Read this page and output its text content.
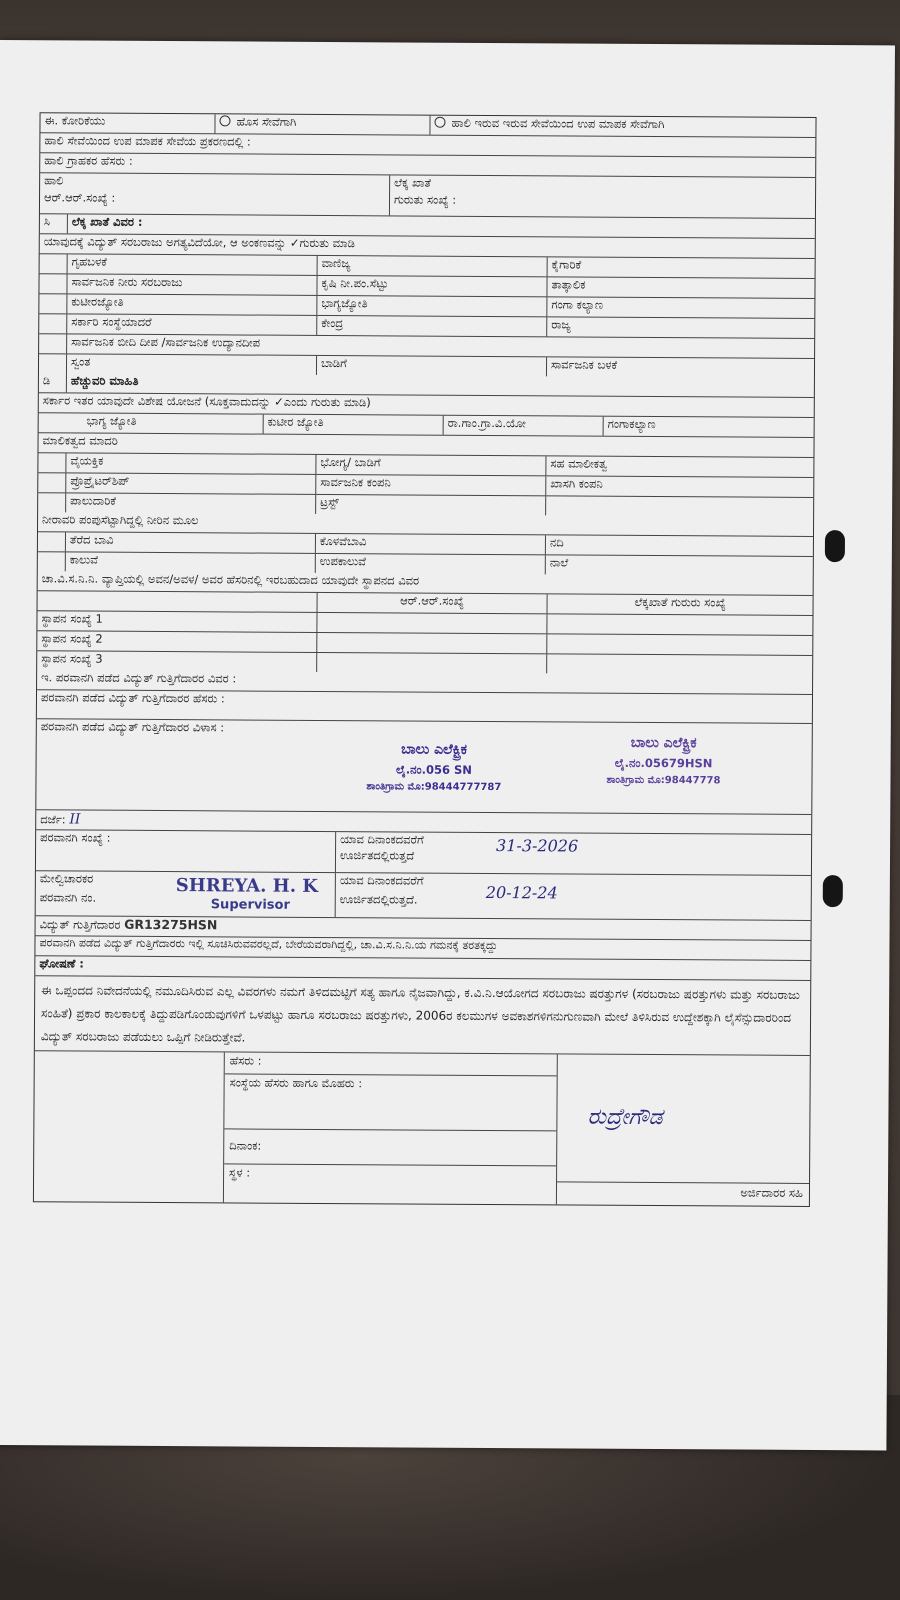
ಈ. ಕೋರಿಕೆಯು	ಹೊಸ ಸೇವೆಗಾಗಿ	ಹಾಲಿ ಇರುವ ಇರುವ ಸೇವೆಯಿಂದ ಉಪ ಮಾಪಕ ಸೇವೆಗಾಗಿ
ಹಾಲಿ ಸೇವೆಯಿಂದ ಉಪ ಮಾಪಕ ಸೇವೆಯ ಪ್ರಕರಣದಲ್ಲಿ :
ಹಾಲಿ ಗ್ರಾಹಕರ ಹೆಸರು :
ಹಾಲಿ
ಆರ್.ಆರ್.ಸಂಖ್ಯೆ :
ಲೆಕ್ಕ ಖಾತೆ
ಗುರುತು ಸಂಖ್ಯೆ :
ಸಿ	ಲೆಕ್ಕ ಖಾತೆ ವಿವರ :
ಯಾವುದಕ್ಕೆ ವಿದ್ಯುತ್ ಸರಬರಾಜು ಅಗತ್ಯವಿದೆಯೋ, ಆ ಅಂಕಣವನ್ನು ✓ಗುರುತು ಮಾಡಿ
ಗೃಹಬಳಕೆ	ವಾಣಿಜ್ಯ	ಕೈಗಾರಿಕೆ
ಸಾರ್ವಜನಿಕ ನೀರು ಸರಬರಾಜು	ಕೃಷಿ ನೀ.ಪಂ.ಸೆಟ್ಟು	ತಾತ್ಕಾಲಿಕ
ಕುಟೀರಜ್ಯೋತಿ	ಭಾಗ್ಯಜ್ಯೋತಿ	ಗಂಗಾ ಕಲ್ಯಾಣ
ಸರ್ಕಾರಿ ಸಂಸ್ಥೆಯಾದರೆ	ಕೇಂದ್ರ	ರಾಜ್ಯ
ಸಾರ್ವಜನಿಕ ಬೀದಿ ದೀಪ /ಸಾರ್ವಜನಿಕ ಉದ್ಯಾನದೀಪ
ಸ್ವಂತ	ಬಾಡಿಗೆ	ಸಾರ್ವಜನಿಕ ಬಳಕೆ
ಡಿ	ಹೆಚ್ಚುವರಿ ಮಾಹಿತಿ
ಸರ್ಕಾರ ಇತರ ಯಾವುದೇ ವಿಶೇಷ ಯೋಜನೆ (ಸೂಕ್ತವಾದುದನ್ನು ✓ಎಂದು ಗುರುತು ಮಾಡಿ)
ಭಾಗ್ಯ ಜ್ಯೋತಿ	ಕುಟೀರ ಜ್ಯೋತಿ	ರಾ.ಗಾಂ.ಗ್ರಾ.ವಿ.ಯೋ	ಗಂಗಾಕಲ್ಯಾಣ
ಮಾಲಿಕತ್ವದ ಮಾದರಿ
ವೈಯಕ್ತಿಕ	ಭೋಗ್ಯ/ ಬಾಡಿಗೆ	ಸಹ ಮಾಲೀಕತ್ವ
ಪ್ರೊಪ್ರೈಟರ್‌ಶಿಪ್	ಸಾರ್ವಜನಿಕ ಕಂಪನಿ	ಖಾಸಗಿ ಕಂಪನಿ
ಪಾಲುದಾರಿಕೆ	ಟ್ರಸ್ಟ್
ನೀರಾವರಿ ಪಂಪುಸೆಟ್ಟಾಗಿದ್ದಲ್ಲಿ ನೀರಿನ ಮೂಲ
ತೆರೆದ ಬಾವಿ	ಕೊಳವೆಬಾವಿ	ನದಿ
ಕಾಲುವೆ	ಉಪಕಾಲುವೆ	ನಾಲೆ
ಚಾ.ವಿ.ಸ.ನಿ.ನಿ. ವ್ಯಾಪ್ತಿಯಲ್ಲಿ ಅವನ/ಅವಳ/ ಅವರ ಹೆಸರಿನಲ್ಲಿ ಇರಬಹುದಾದ ಯಾವುದೇ ಸ್ಥಾಪನದ ವಿವರ
ಆರ್.ಆರ್.ಸಂಖ್ಯೆ	ಲೆಕ್ಕಖಾತೆ ಗುರುರು ಸಂಖ್ಯೆ
ಸ್ಥಾಪನ ಸಂಖ್ಯೆ 1
ಸ್ಥಾಪನ ಸಂಖ್ಯೆ 2
ಸ್ಥಾಪನ ಸಂಖ್ಯೆ 3
ಇ. ಪರವಾನಗಿ ಪಡೆದ ವಿದ್ಯುತ್ ಗುತ್ತಿಗೆದಾರರ ವಿವರ :
ಪರವಾನಗಿ ಪಡೆದ ವಿದ್ಯುತ್ ಗುತ್ತಿಗೆದಾರರ ಹೆಸರು :
ಪರವಾನಗಿ ಪಡೆದ ವಿದ್ಯುತ್ ಗುತ್ತಿಗೆದಾರರ ವಿಳಾಸ :
ಬಾಲು ಎಲೆಕ್ಟ್ರಿಕ
ಲೈ.ನಂ.056 SN
ಶಾಂತಿಗ್ರಾಮ ಮೊ:98444777787
ಬಾಲು ಎಲೆಕ್ಟ್ರಿಕ
ಲೈ.ನಂ.05679HSN
ಶಾಂತಿಗ್ರಾಮ ಮೊ:98447778
ದರ್ಜೆ: II
ಪರವಾನಗಿ ಸಂಖ್ಯೆ :	ಯಾವ ದಿನಾಂಕದವರೆಗೆ
ಊರ್ಜಿತದಲ್ಲಿರುತ್ತದೆ	31-3-2026
ಮೇಲ್ವಿಚಾರಕರ
ಪರವಾನಗಿ ನಂ.
SHREYA. H. K
Supervisor
ಯಾವ ದಿನಾಂಕದವರೆಗೆ
ಊರ್ಜಿತದಲ್ಲಿರುತ್ತದೆ.	20-12-24
ವಿದ್ಯುತ್ ಗುತ್ತಿಗೆದಾರರ GR13275HSN
ಪರವಾನಗಿ ಪಡೆದ ವಿದ್ಯುತ್ ಗುತ್ತಿಗೆದಾರರು ಇಲ್ಲಿ ಸೂಚಿಸಿರುವವರಲ್ಲದೆ, ಬೇರೆಯವರಾಗಿದ್ದಲ್ಲಿ, ಚಾ.ವಿ.ಸ.ನಿ.ನಿ.ಯ ಗಮನಕ್ಕೆ ತರತಕ್ಕದ್ದು
ಘೋಷಣೆ :
ಈ ಒಪ್ಪಂದದ ನಿವೇದನೆಯಲ್ಲಿ ನಮೂದಿಸಿರುವ ಎಲ್ಲ ವಿವರಗಳು ನಮಗೆ ತಿಳಿದಮಟ್ಟಿಗೆ ಸತ್ಯ ಹಾಗೂ ನೈಜವಾಗಿದ್ದು, ಕ.ವಿ.ನಿ.ಆಯೋಗದ ಸರಬರಾಜು ಷರತ್ತುಗಳ (ಸರಬರಾಜು ಷರತ್ತುಗಳು ಮತ್ತು ಸರಬರಾಜು ಸಂಹಿತೆ) ಪ್ರಕಾರ ಕಾಲಕಾಲಕ್ಕೆ ತಿದ್ದುಪಡಿಗೊಂಡುವುಗಳಿಗೆ ಒಳಪಟ್ಟು ಹಾಗೂ ಸರಬರಾಜು ಷರತ್ತುಗಳು, 2006ರ ಕಲಮುಗಳ ಅವಕಾಶಗಳಿಗನುಗುಣವಾಗಿ ಮೇಲೆ ತಿಳಿಸಿರುವ ಉದ್ದೇಶಕ್ಕಾಗಿ ಲೈಸೆನ್ಸುದಾರರಿಂದ ವಿದ್ಯುತ್ ಸರಬರಾಜು ಪಡೆಯಲು ಒಪ್ಪಿಗೆ ನೀಡಿರುತ್ತೇವೆ.
ಹೆಸರು :
ಸಂಸ್ಥೆಯ ಹೆಸರು ಹಾಗೂ ಮೊಹರು :
ದಿನಾಂಕ:
ಸ್ಥಳ :
ರುದ್ರೇಗೌಡ
ಅರ್ಜಿದಾರರ ಸಹಿ
